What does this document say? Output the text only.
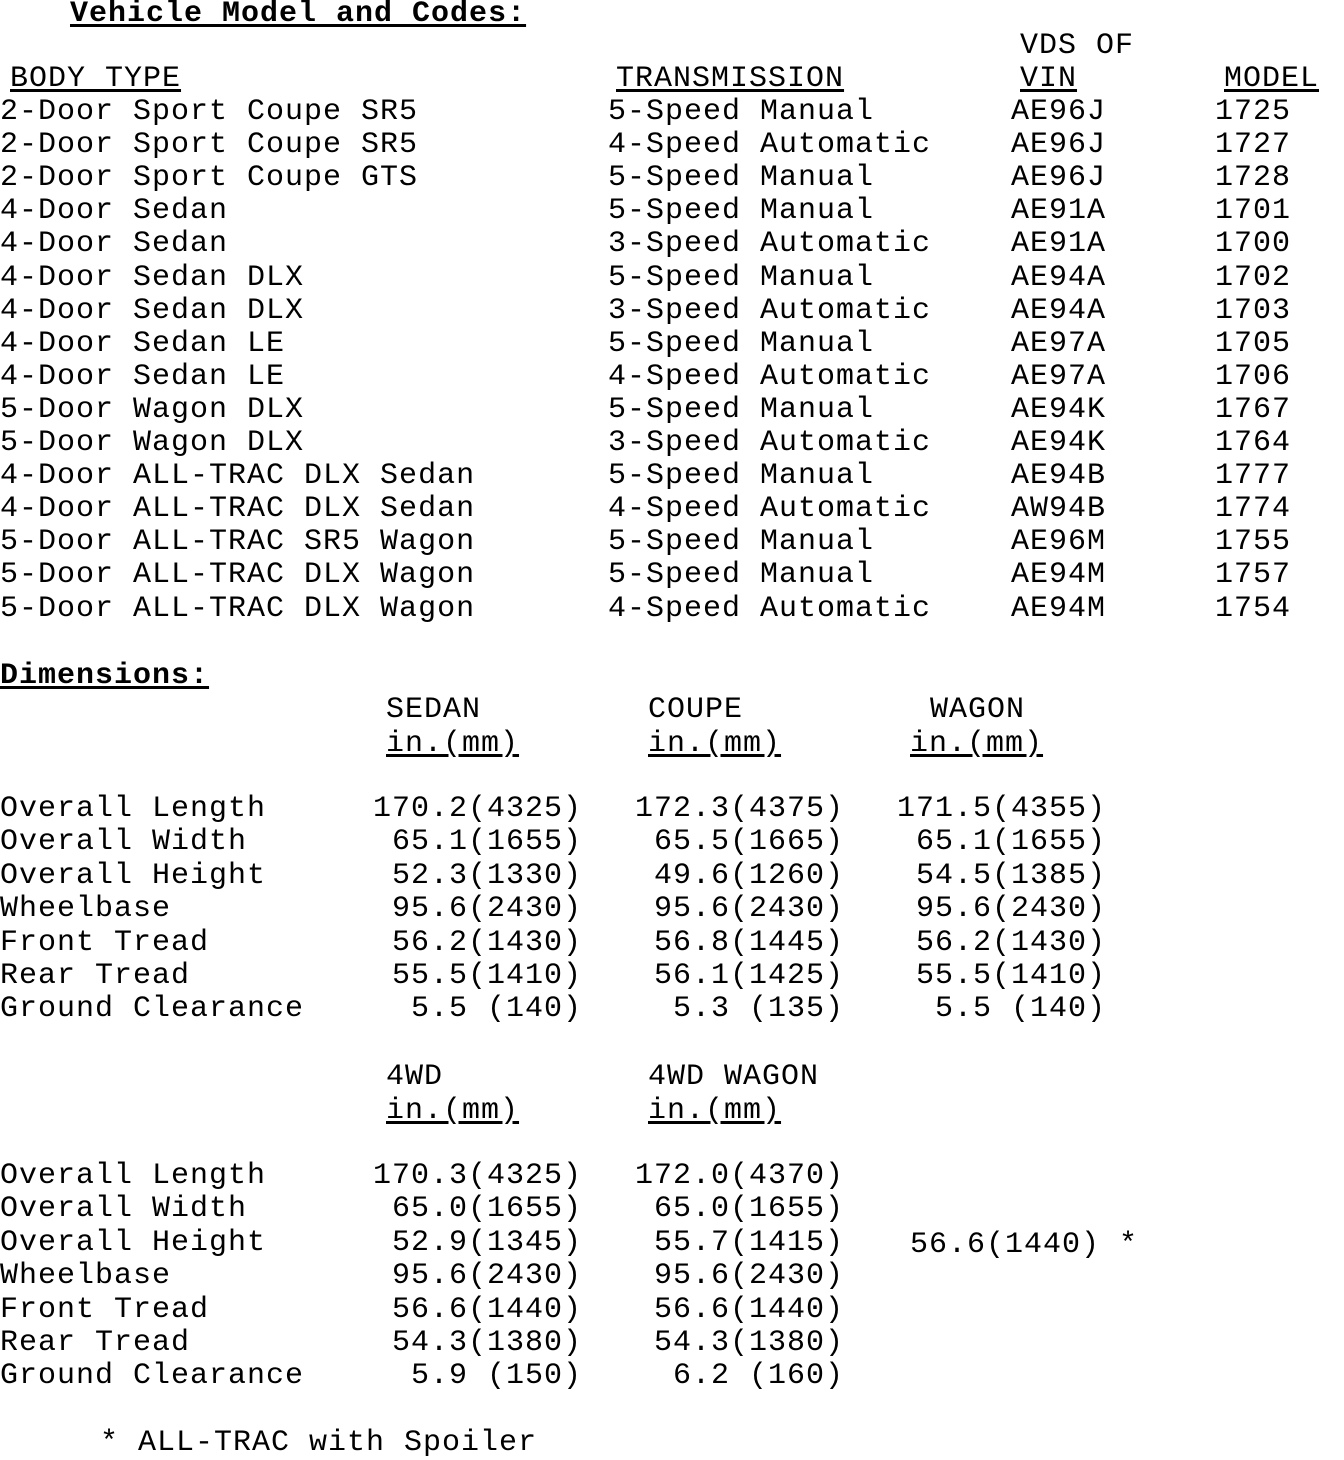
Vehicle Model and Codes:
VDS OF
BODY TYPE	TRANSMISSION	VIN	MODEL
2-Door Sport Coupe SR5	5-Speed Manual	AE96J	1725
2-Door Sport Coupe SR5	4-Speed Automatic	AE96J	1727
2-Door Sport Coupe GTS	5-Speed Manual	AE96J	1728
4-Door Sedan	5-Speed Manual	AE91A	1701
4-Door Sedan	3-Speed Automatic	AE91A	1700
4-Door Sedan DLX	5-Speed Manual	AE94A	1702
4-Door Sedan DLX	3-Speed Automatic	AE94A	1703
4-Door Sedan LE	5-Speed Manual	AE97A	1705
4-Door Sedan LE	4-Speed Automatic	AE97A	1706
5-Door Wagon DLX	5-Speed Manual	AE94K	1767
5-Door Wagon DLX	3-Speed Automatic	AE94K	1764
4-Door ALL-TRAC DLX Sedan	5-Speed Manual	AE94B	1777
4-Door ALL-TRAC DLX Sedan	4-Speed Automatic	AW94B	1774
5-Door ALL-TRAC SR5 Wagon	5-Speed Manual	AE96M	1755
5-Door ALL-TRAC DLX Wagon	5-Speed Manual	AE94M	1757
5-Door ALL-TRAC DLX Wagon	4-Speed Automatic	AE94M	1754
Dimensions:
SEDAN	COUPE	WAGON
in.(mm)	in.(mm)	in.(mm)
Overall Length	170.2(4325) 172.3(4375) 171.5(4355)
Overall Width	65.1(1655) 65.5(1665) 65.1(1655)
Overall Height	52.3(1330) 49.6(1260) 54.5(1385)
Wheelbase	95.6(2430) 95.6(2430) 95.6(2430)
Front Tread	56.2(1430) 56.8(1445) 56.2(1430)
Rear Tread	55.5(1410) 56.1(1425) 55.5(1410)
Ground Clearance	5.5 (140)	5.3 (135)	5.5 (140)
4WD	4WD WAGON
in.(mm)	in.(mm)
Overall Length	170.3(4325) 172.0(4370)
Overall Width	65.0(1655) 65.0(1655)
Overall Height	52.9(1345) 55.7(1415) 56.6(1440) *
Wheelbase	95.6(2430) 95.6(2430)
Front Tread	56.6(1440) 56.6(1440)
Rear Tread	54.3(1380) 54.3(1380)
Ground Clearance	5.9 (150)	6.2 (160)
* ALL-TRAC with Spoiler
